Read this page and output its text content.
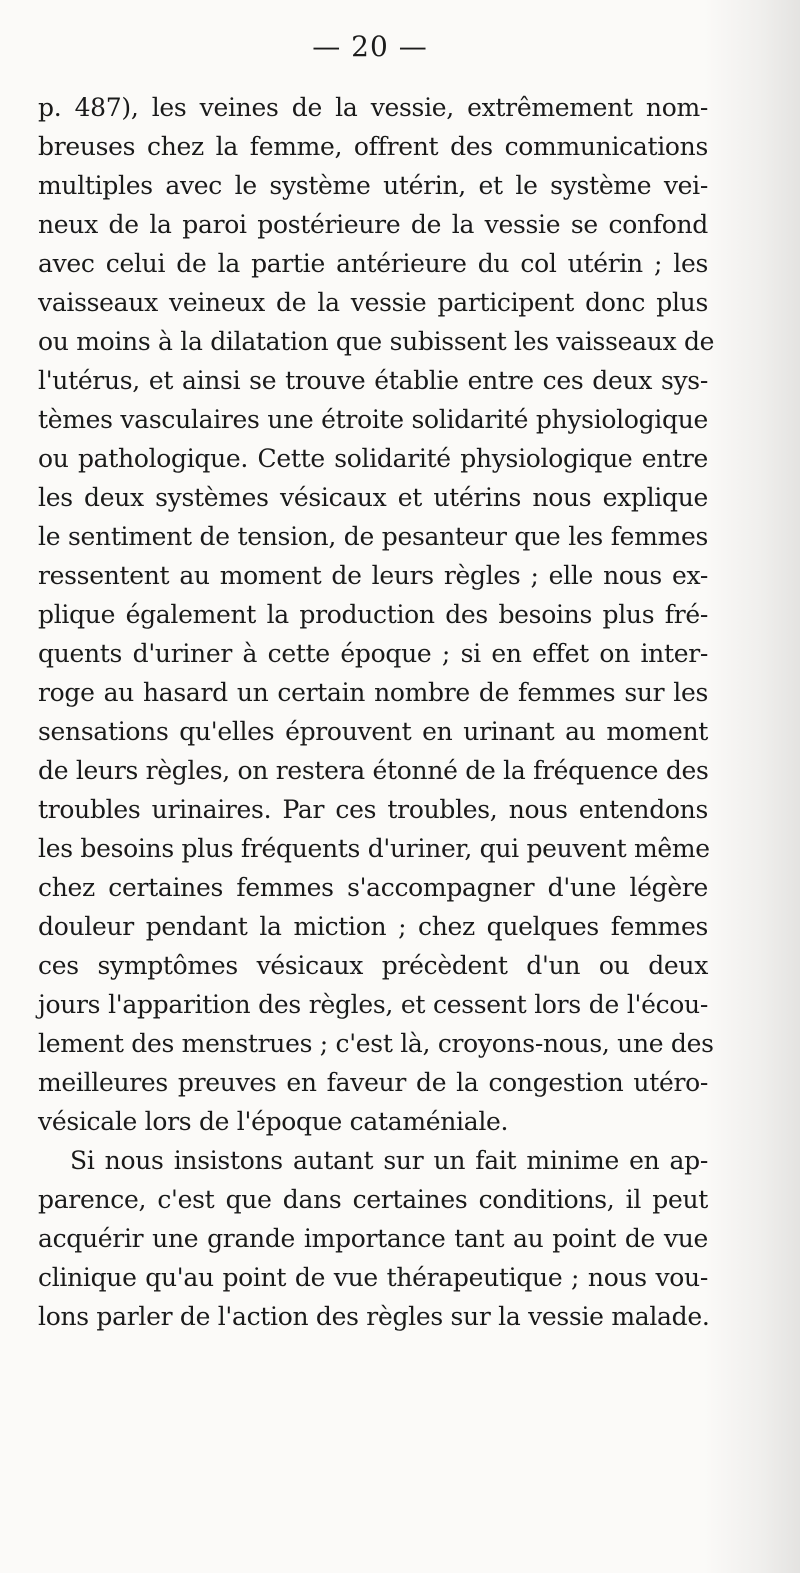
— 20 —
p. 487), les veines de la vessie, extrêmement nom-
breuses chez la femme, offrent des communications
multiples avec le système utérin, et le système vei-
neux de la paroi postérieure de la vessie se confond
avec celui de la partie antérieure du col utérin ; les
vaisseaux veineux de la vessie participent donc plus
ou moins à la dilatation que subissent les vaisseaux de
l'utérus, et ainsi se trouve établie entre ces deux sys-
tèmes vasculaires une étroite solidarité physiologique
ou pathologique. Cette solidarité physiologique entre
les deux systèmes vésicaux et utérins nous explique
le sentiment de tension, de pesanteur que les femmes
ressentent au moment de leurs règles ; elle nous ex-
plique également la production des besoins plus fré-
quents d'uriner à cette époque ; si en effet on inter-
roge au hasard un certain nombre de femmes sur les
sensations qu'elles éprouvent en urinant au moment
de leurs règles, on restera étonné de la fréquence des
troubles urinaires. Par ces troubles, nous entendons
les besoins plus fréquents d'uriner, qui peuvent même
chez certaines femmes s'accompagner d'une légère
douleur pendant la miction ; chez quelques femmes
ces symptômes vésicaux précèdent d'un ou deux
jours l'apparition des règles, et cessent lors de l'écou-
lement des menstrues ; c'est là, croyons-nous, une des
meilleures preuves en faveur de la congestion utéro-
vésicale lors de l'époque cataméniale.
Si nous insistons autant sur un fait minime en ap-
parence, c'est que dans certaines conditions, il peut
acquérir une grande importance tant au point de vue
clinique qu'au point de vue thérapeutique ; nous vou-
lons parler de l'action des règles sur la vessie malade.
